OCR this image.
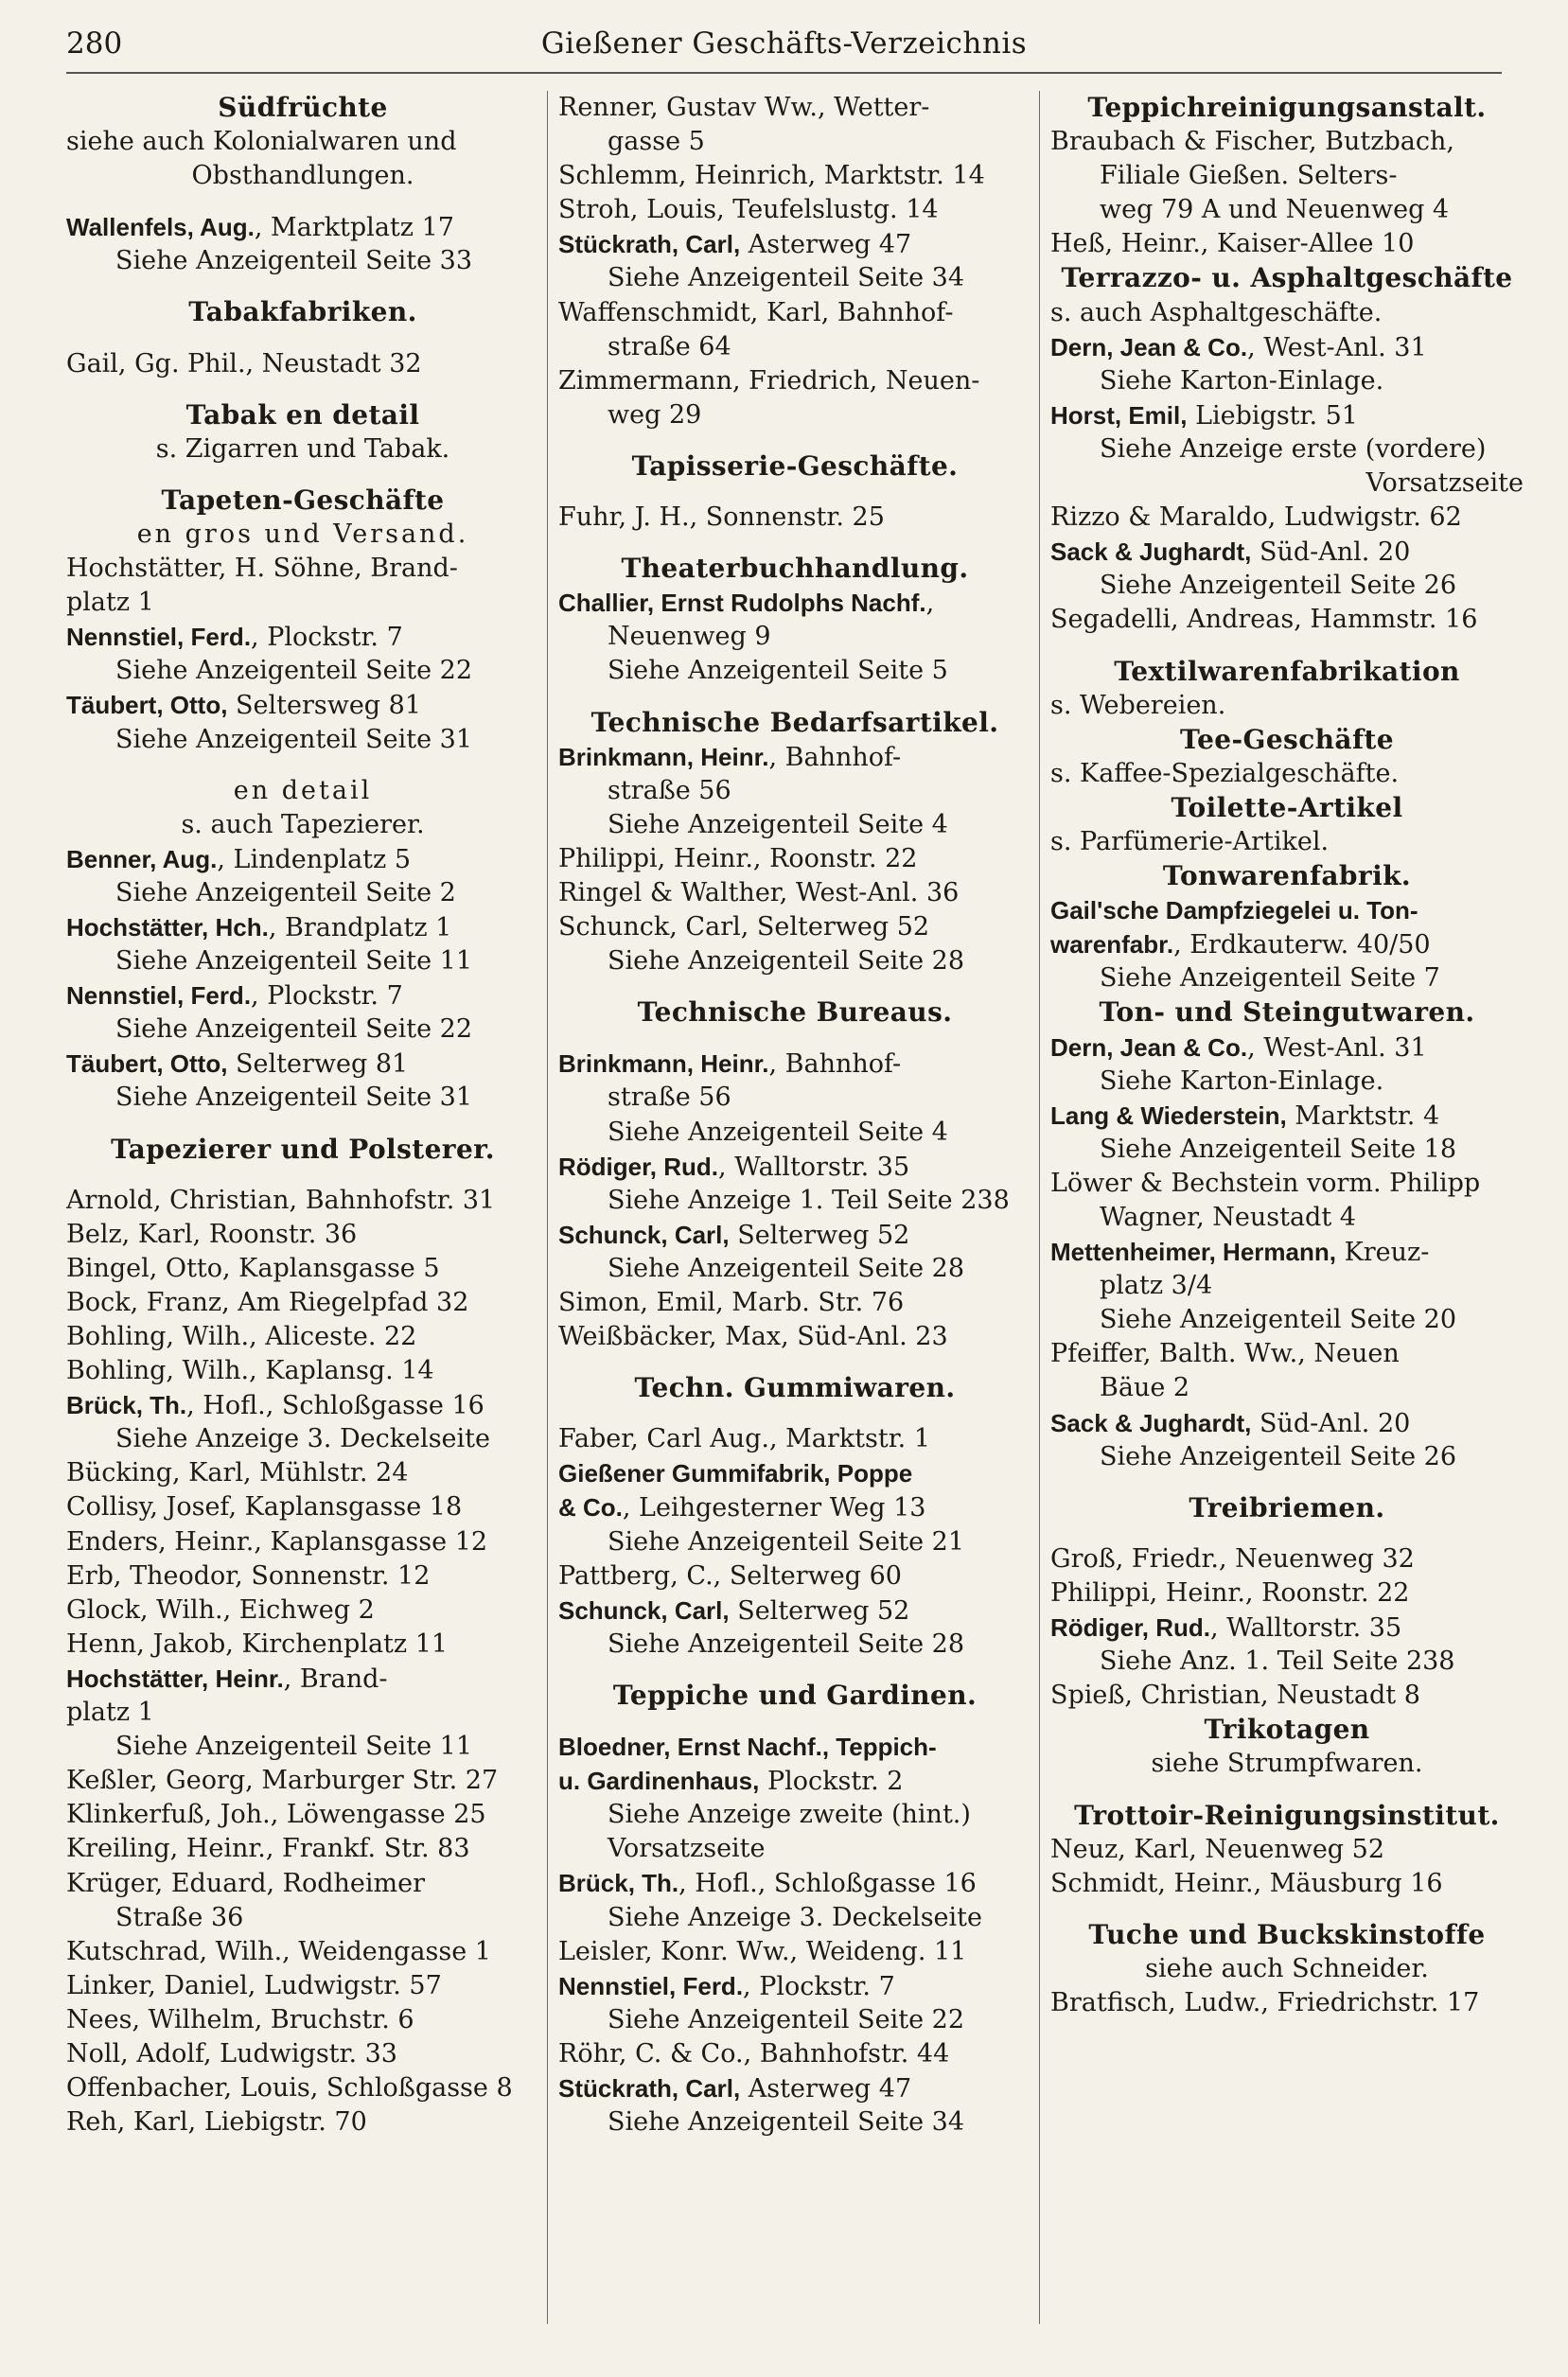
280	Gießener Geschäfts-Verzeichnis
Südfrüchte
siehe auch Kolonialwaren und
Obsthandlungen.
Wallenfels, Aug., Marktplatz 17
Siehe Anzeigenteil Seite 33
Tabakfabriken.
Gail, Gg. Phil., Neustadt 32
Tabak en detail
s. Zigarren und Tabak.
Tapeten-Geschäfte
en gros und Versand.
Hochstätter, H. Söhne, Brand-
platz 1
Nennstiel, Ferd., Plockstr. 7
Siehe Anzeigenteil Seite 22
Täubert, Otto, Seltersweg 81
Siehe Anzeigenteil Seite 31
en detail
s. auch Tapezierer.
Benner, Aug., Lindenplatz 5
Siehe Anzeigenteil Seite 2
Hochstätter, Hch., Brandplatz 1
Siehe Anzeigenteil Seite 11
Nennstiel, Ferd., Plockstr. 7
Siehe Anzeigenteil Seite 22
Täubert, Otto, Selterweg 81
Siehe Anzeigenteil Seite 31
Tapezierer und Polsterer.
Arnold, Christian, Bahnhofstr. 31
Belz, Karl, Roonstr. 36
Bingel, Otto, Kaplansgasse 5
Bock, Franz, Am Riegelpfad 32
Bohling, Wilh., Aliceste. 22
Bohling, Wilh., Kaplansg. 14
Brück, Th., Hofl., Schloßgasse 16
Siehe Anzeige 3. Deckelseite
Bücking, Karl, Mühlstr. 24
Collisy, Josef, Kaplansgasse 18
Enders, Heinr., Kaplansgasse 12
Erb, Theodor, Sonnenstr. 12
Glock, Wilh., Eichweg 2
Henn, Jakob, Kirchenplatz 11
Hochstätter, Heinr., Brand-
platz 1
Siehe Anzeigenteil Seite 11
Keßler, Georg, Marburger Str. 27
Klinkerfuß, Joh., Löwengasse 25
Kreiling, Heinr., Frankf. Str. 83
Krüger, Eduard, Rodheimer
Straße 36
Kutschrad, Wilh., Weidengasse 1
Linker, Daniel, Ludwigstr. 57
Nees, Wilhelm, Bruchstr. 6
Noll, Adolf, Ludwigstr. 33
Offenbacher, Louis, Schloßgasse 8
Reh, Karl, Liebigstr. 70
Renner, Gustav Ww., Wetter-
gasse 5
Schlemm, Heinrich, Marktstr. 14
Stroh, Louis, Teufelslustg. 14
Stückrath, Carl, Asterweg 47
Siehe Anzeigenteil Seite 34
Waffenschmidt, Karl, Bahnhof-
straße 64
Zimmermann, Friedrich, Neuen-
weg 29
Tapisserie-Geschäfte.
Fuhr, J. H., Sonnenstr. 25
Theaterbuchhandlung.
Challier, Ernst Rudolphs Nachf.,
Neuenweg 9
Siehe Anzeigenteil Seite 5
Technische Bedarfsartikel.
Brinkmann, Heinr., Bahnhof-
straße 56
Siehe Anzeigenteil Seite 4
Philippi, Heinr., Roonstr. 22
Ringel & Walther, West-Anl. 36
Schunck, Carl, Selterweg 52
Siehe Anzeigenteil Seite 28
Technische Bureaus.
Brinkmann, Heinr., Bahnhof-
straße 56
Siehe Anzeigenteil Seite 4
Rödiger, Rud., Walltorstr. 35
Siehe Anzeige 1. Teil Seite 238
Schunck, Carl, Selterweg 52
Siehe Anzeigenteil Seite 28
Simon, Emil, Marb. Str. 76
Weißbäcker, Max, Süd-Anl. 23
Techn. Gummiwaren.
Faber, Carl Aug., Marktstr. 1
Gießener Gummifabrik, Poppe
& Co., Leihgesterner Weg 13
Siehe Anzeigenteil Seite 21
Pattberg, C., Selterweg 60
Schunck, Carl, Selterweg 52
Siehe Anzeigenteil Seite 28
Teppiche und Gardinen.
Bloedner, Ernst Nachf., Teppich-
u. Gardinenhaus, Plockstr. 2
Siehe Anzeige zweite (hint.)
Vorsatzseite
Brück, Th., Hofl., Schloßgasse 16
Siehe Anzeige 3. Deckelseite
Leisler, Konr. Ww., Weideng. 11
Nennstiel, Ferd., Plockstr. 7
Siehe Anzeigenteil Seite 22
Röhr, C. & Co., Bahnhofstr. 44
Stückrath, Carl, Asterweg 47
Siehe Anzeigenteil Seite 34
Teppichreinigungsanstalt.
Braubach & Fischer, Butzbach,
Filiale Gießen. Selters-
weg 79 A und Neuenweg 4
Heß, Heinr., Kaiser-Allee 10
Terrazzo- u. Asphaltgeschäfte
s. auch Asphaltgeschäfte.
Dern, Jean & Co., West-Anl. 31
Siehe Karton-Einlage.
Horst, Emil, Liebigstr. 51
Siehe Anzeige erste (vordere)
Vorsatzseite
Rizzo & Maraldo, Ludwigstr. 62
Sack & Jughardt, Süd-Anl. 20
Siehe Anzeigenteil Seite 26
Segadelli, Andreas, Hammstr. 16
Textilwarenfabrikation
s. Webereien.
Tee-Geschäfte
s. Kaffee-Spezialgeschäfte.
Toilette-Artikel
s. Parfümerie-Artikel.
Tonwarenfabrik.
Gail'sche Dampfziegelei u. Ton-
warenfabr., Erdkauterw. 40/50
Siehe Anzeigenteil Seite 7
Ton- und Steingutwaren.
Dern, Jean & Co., West-Anl. 31
Siehe Karton-Einlage.
Lang & Wiederstein, Marktstr. 4
Siehe Anzeigenteil Seite 18
Löwer & Bechstein vorm. Philipp
Wagner, Neustadt 4
Mettenheimer, Hermann, Kreuz-
platz 3/4
Siehe Anzeigenteil Seite 20
Pfeiffer, Balth. Ww., Neuen
Bäue 2
Sack & Jughardt, Süd-Anl. 20
Siehe Anzeigenteil Seite 26
Treibriemen.
Groß, Friedr., Neuenweg 32
Philippi, Heinr., Roonstr. 22
Rödiger, Rud., Walltorstr. 35
Siehe Anz. 1. Teil Seite 238
Spieß, Christian, Neustadt 8
Trikotagen
siehe Strumpfwaren.
Trottoir-Reinigungsinstitut.
Neuz, Karl, Neuenweg 52
Schmidt, Heinr., Mäusburg 16
Tuche und Buckskinstoffe
siehe auch Schneider.
Bratfisch, Ludw., Friedrichstr. 17
